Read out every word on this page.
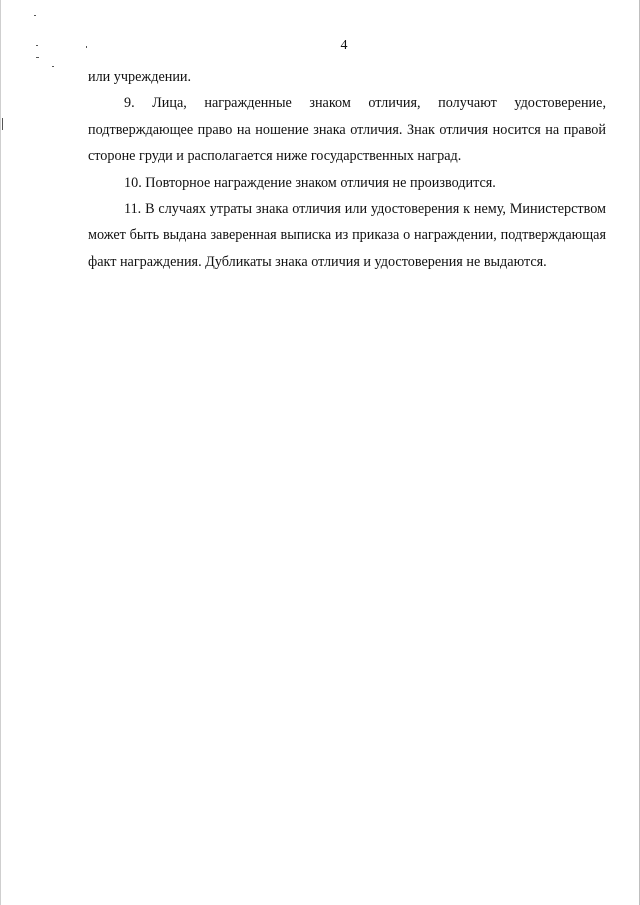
4

или учреждении.

9. Лица, награжденные знаком отличия, получают удостоверение, подтверждающее право на ношение знака отличия. Знак отличия носится на правой стороне груди и располагается ниже государственных наград.

10. Повторное награждение знаком отличия не производится.

11. В случаях утраты знака отличия или удостоверения к нему, Министерством может быть выдана заверенная выписка из приказа о награждении, подтверждающая факт награждения. Дубликаты знака отличия и удостоверения не выдаются.
